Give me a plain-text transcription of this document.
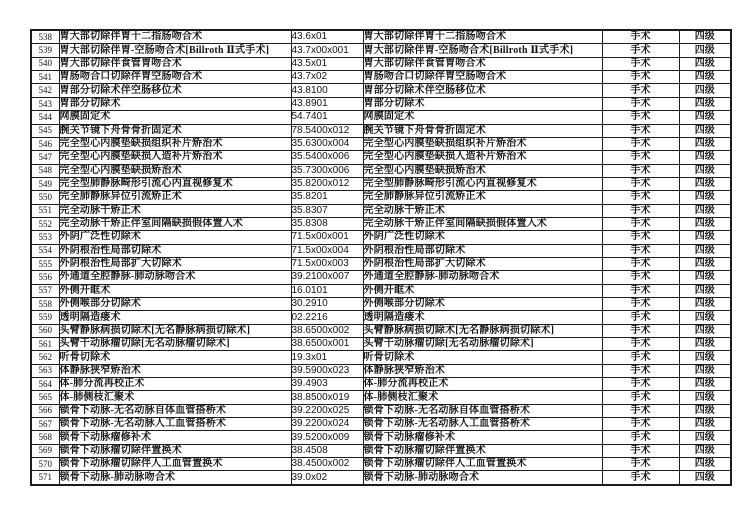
538	胃大部切除伴胃十二指肠吻合术	43.6x01	胃大部切除伴胃十二指肠吻合术	手术	四级
539	胃大部切除伴胃-空肠吻合术[Billroth Ⅱ式手术]	43.7x00x001	胃大部切除伴胃-空肠吻合术[Billroth Ⅱ式手术]	手术	四级
540	胃大部切除伴食管胃吻合术	43.5x01	胃大部切除伴食管胃吻合术	手术	四级
541	胃肠吻合口切除伴胃空肠吻合术	43.7x02	胃肠吻合口切除伴胃空肠吻合术	手术	四级
542	胃部分切除术伴空肠移位术	43.8100	胃部分切除术伴空肠移位术	手术	四级
543	胃部分切除术	43.8901	胃部分切除术	手术	四级
544	网膜固定术	54.7401	网膜固定术	手术	四级
545	腕关节镜下舟骨骨折固定术	78.5400x012	腕关节镜下舟骨骨折固定术	手术	四级
546	完全型心内膜垫缺损组织补片矫治术	35.6300x004	完全型心内膜垫缺损组织补片矫治术	手术	四级
547	完全型心内膜垫缺损人造补片矫治术	35.5400x006	完全型心内膜垫缺损人造补片矫治术	手术	四级
548	完全型心内膜垫缺损矫治术	35.7300x006	完全型心内膜垫缺损矫治术	手术	四级
549	完全型肺静脉畸形引流心内直视修复术	35.8200x012	完全型肺静脉畸形引流心内直视修复术	手术	四级
550	完全肺静脉异位引流矫正术	35.8201	完全肺静脉异位引流矫正术	手术	四级
551	完全动脉干矫正术	35.8307	完全动脉干矫正术	手术	四级
552	完全动脉干矫正伴室间隔缺损假体置入术	35.8308	完全动脉干矫正伴室间隔缺损假体置入术	手术	四级
553	外阴广泛性切除术	71.5x00x001	外阴广泛性切除术	手术	四级
554	外阴根治性局部切除术	71.5x00x004	外阴根治性局部切除术	手术	四级
555	外阴根治性局部扩大切除术	71.5x00x003	外阴根治性局部扩大切除术	手术	四级
556	外通道全腔静脉-肺动脉吻合术	39.2100x007	外通道全腔静脉-肺动脉吻合术	手术	四级
557	外侧开眶术	16.0101	外侧开眶术	手术	四级
558	外侧喉部分切除术	30.2910	外侧喉部分切除术	手术	四级
559	透明隔造瘘术	02.2216	透明隔造瘘术	手术	四级
560	头臂静脉病损切除术[无名静脉病损切除术]	38.6500x002	头臂静脉病损切除术[无名静脉病损切除术]	手术	四级
561	头臂干动脉瘤切除[无名动脉瘤切除术]	38.6500x001	头臂干动脉瘤切除[无名动脉瘤切除术]	手术	四级
562	听骨切除术	19.3x01	听骨切除术	手术	四级
563	体静脉狭窄矫治术	39.5900x023	体静脉狭窄矫治术	手术	四级
564	体-肺分流再校正术	39.4903	体-肺分流再校正术	手术	四级
565	体-肺侧枝汇聚术	38.8500x019	体-肺侧枝汇聚术	手术	四级
566	锁骨下动脉-无名动脉自体血管搭桥术	39.2200x025	锁骨下动脉-无名动脉自体血管搭桥术	手术	四级
567	锁骨下动脉-无名动脉人工血管搭桥术	39.2200x024	锁骨下动脉-无名动脉人工血管搭桥术	手术	四级
568	锁骨下动脉瘤修补术	39.5200x009	锁骨下动脉瘤修补术	手术	四级
569	锁骨下动脉瘤切除伴置换术	38.4508	锁骨下动脉瘤切除伴置换术	手术	四级
570	锁骨下动脉瘤切除伴人工血管置换术	38.4500x002	锁骨下动脉瘤切除伴人工血管置换术	手术	四级
571	锁骨下动脉-肺动脉吻合术	39.0x02	锁骨下动脉-肺动脉吻合术	手术	四级
